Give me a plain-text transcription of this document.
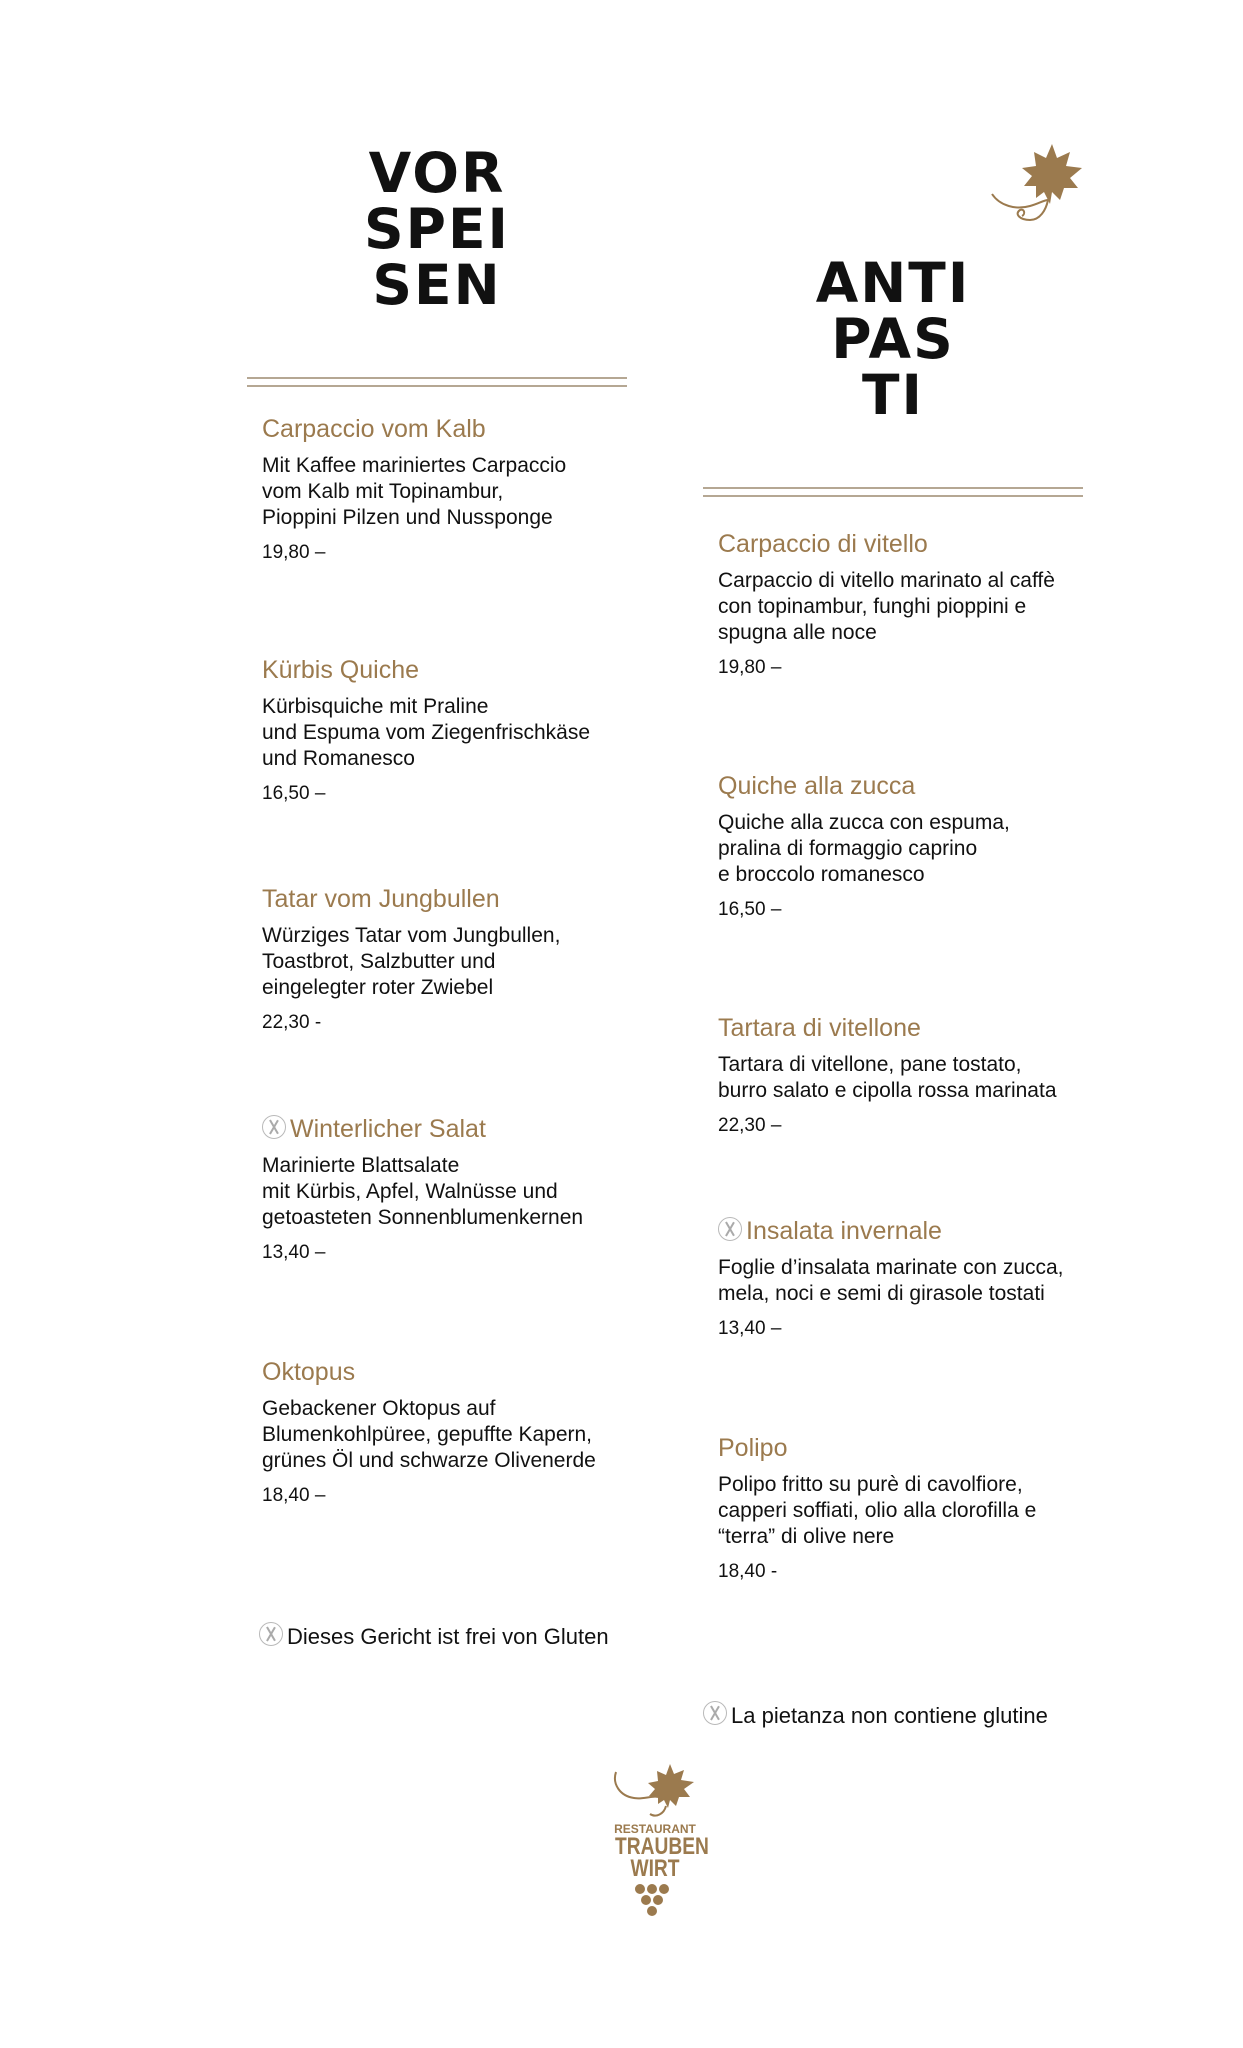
VOR
SPEI
SEN
Carpaccio vom Kalb
Mit Kaffee mariniertes Carpaccio
vom Kalb mit Topinambur,
Pioppini Pilzen und Nussponge
19,80 –
Kürbis Quiche
Kürbisquiche mit Praline
und Espuma vom Ziegenfrischkäse
und Romanesco
16,50 –
Tatar vom Jungbullen
Würziges Tatar vom Jungbullen,
Toastbrot, Salzbutter und
eingelegter roter Zwiebel
22,30 -
Winterlicher Salat
Marinierte Blattsalate
mit Kürbis, Apfel, Walnüsse und
getoasteten Sonnenblumenkernen
13,40 –
Oktopus
Gebackener Oktopus auf
Blumenkohlpüree, gepuffte Kapern,
grünes Öl und schwarze Olivenerde
18,40 –
Dieses Gericht ist frei von Gluten
ANTI
PAS
TI
Carpaccio di vitello
Carpaccio di vitello marinato al caffè
con topinambur, funghi pioppini e
spugna alle noce
19,80 –
Quiche alla zucca
Quiche alla zucca con espuma,
pralina di formaggio caprino
e broccolo romanesco
16,50 –
Tartara di vitellone
Tartara di vitellone, pane tostato,
burro salato e cipolla rossa marinata
22,30 –
Insalata invernale
Foglie d’insalata marinate con zucca,
mela, noci e semi di girasole tostati
13,40 –
Polipo
Polipo fritto su purè di cavolfiore,
capperi soffiati, olio alla clorofilla e
“terra” di olive nere
18,40 -
La pietanza non contiene glutine
RESTAURANT
TRAUBEN
WIRT
